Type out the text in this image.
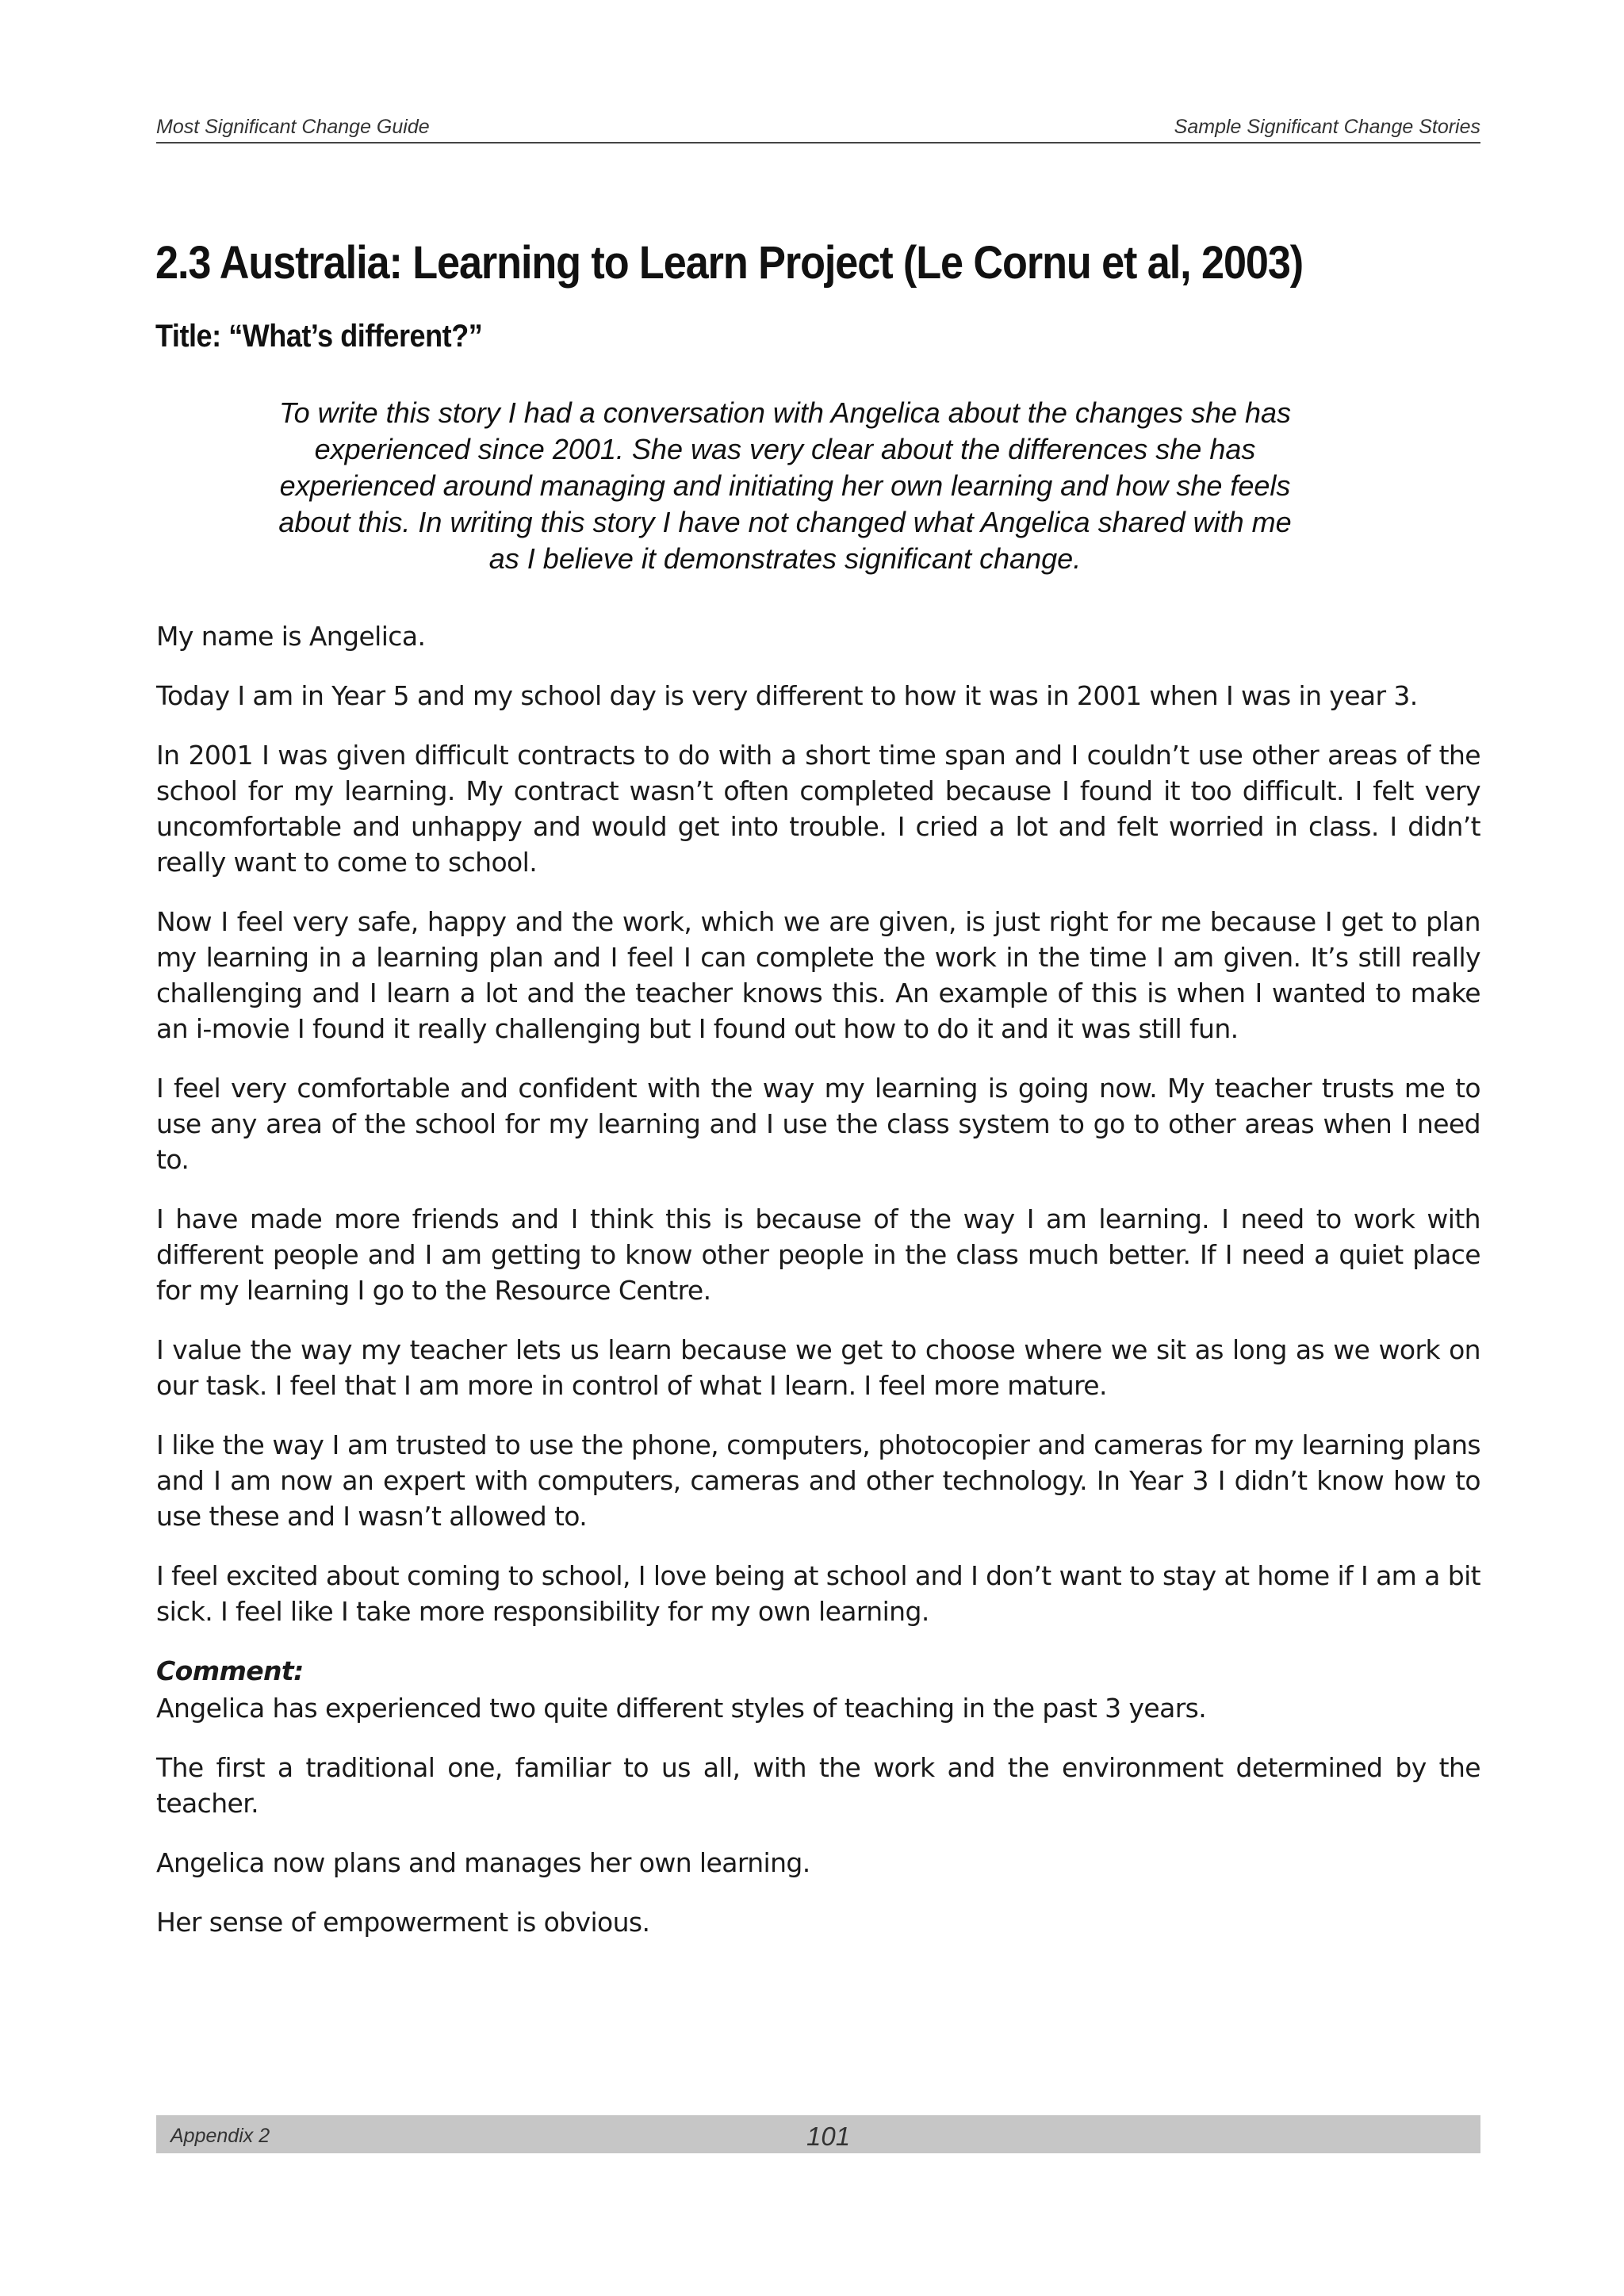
Most Significant Change Guide	Sample Significant Change Stories
2.3 Australia: Learning to Learn Project (Le Cornu et al, 2003)
Title: “What’s different?”

To write this story I had a conversation with Angelica about the changes she has experienced since 2001. She was very clear about the differences she has experienced around managing and initiating her own learning and how she feels about this. In writing this story I have not changed what Angelica shared with me as I believe it demonstrates significant change.

My name is Angelica.

Today I am in Year 5 and my school day is very different to how it was in 2001 when I was in year 3.

In 2001 I was given difficult contracts to do with a short time span and I couldn’t use other areas of the school for my learning. My contract wasn’t often completed because I found it too difficult. I felt very uncomfortable and unhappy and would get into trouble. I cried a lot and felt worried in class. I didn’t really want to come to school.

Now I feel very safe, happy and the work, which we are given, is just right for me because I get to plan my learning in a learning plan and I feel I can complete the work in the time I am given. It’s still really challenging and I learn a lot and the teacher knows this. An example of this is when I wanted to make an i-movie I found it really challenging but I found out how to do it and it was still fun.

I feel very comfortable and confident with the way my learning is going now. My teacher trusts me to use any area of the school for my learning and I use the class system to go to other areas when I need to.

I have made more friends and I think this is because of the way I am learning. I need to work with different people and I am getting to know other people in the class much better. If I need a quiet place for my learning I go to the Resource Centre.

I value the way my teacher lets us learn because we get to choose where we sit as long as we work on our task. I feel that I am more in control of what I learn. I feel more mature.

I like the way I am trusted to use the phone, computers, photocopier and cameras for my learning plans and I am now an expert with computers, cameras and other technology. In Year 3 I didn’t know how to use these and I wasn’t allowed to.

I feel excited about coming to school, I love being at school and I don’t want to stay at home if I am a bit sick. I feel like I take more responsibility for my own learning.

Comment:

Angelica has experienced two quite different styles of teaching in the past 3 years.

The first a traditional one, familiar to us all, with the work and the environment determined by the teacher.

Angelica now plans and manages her own learning.

Her sense of empowerment is obvious.

Appendix 2	101
